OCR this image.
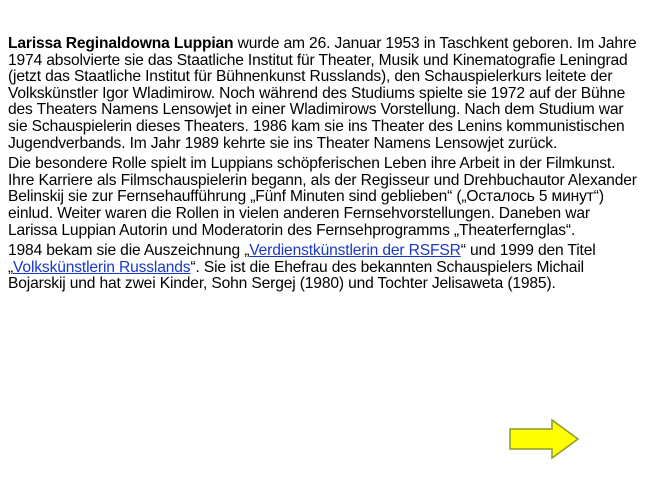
Larissa Reginaldowna Luppian wurde am 26. Januar 1953 in Taschkent geboren. Im Jahre 1974 absolvierte sie das Staatliche Institut für Theater, Musik und Kinematografie Leningrad (jetzt das Staatliche Institut für Bühnenkunst Russlands), den Schauspielerkurs leitete der Volkskünstler Igor Wladimirow. Noch während des Studiums spielte sie 1972 auf der Bühne des Theaters Namens Lensowjet in einer Wladimirows Vorstellung. Nach dem Studium war sie Schauspielerin dieses Theaters. 1986 kam sie ins Theater des Lenins kommunistischen Jugendverbands. Im Jahr 1989 kehrte sie ins Theater Namens Lensowjet zurück.

Die besondere Rolle spielt im Luppians schöpferischen Leben ihre Arbeit in der Filmkunst. Ihre Karriere als Filmschauspielerin begann, als der Regisseur und Drehbuchautor Alexander Belinskij sie zur Fernsehaufführung „Fünf Minuten sind geblieben“ („Осталось 5 минут“) einlud. Weiter waren die Rollen in vielen anderen Fernsehvorstellungen. Daneben war Larissa Luppian Autorin und Moderatorin des Fernsehprogramms „Theaterfernglas“.

1984 bekam sie die Auszeichnung „Verdienstkünstlerin der RSFSR“ und 1999 den Titel „Volkskünstlerin Russlands“. Sie ist die Ehefrau des bekannten Schauspielers Michail Bojarskij und hat zwei Kinder, Sohn Sergej (1980) und Tochter Jelisaweta (1985).
